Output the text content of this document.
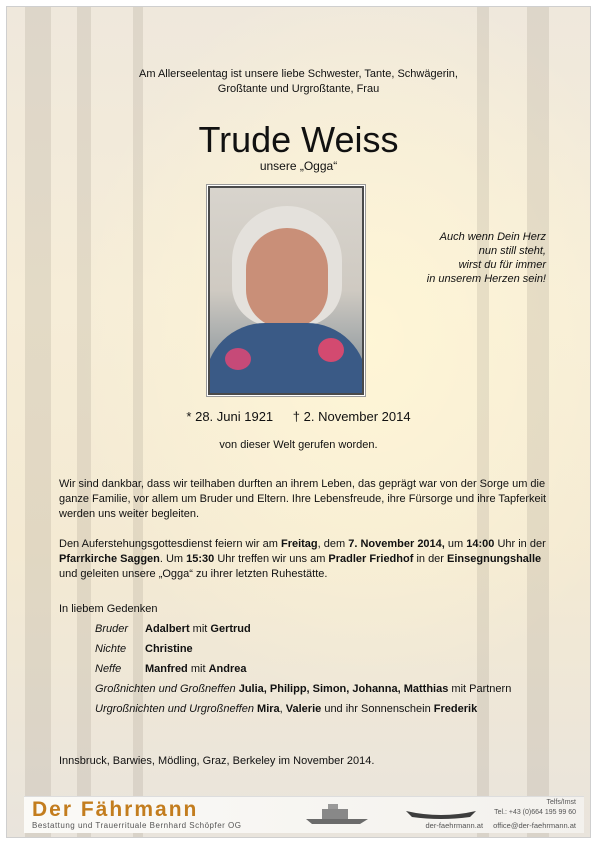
Am Allerseelentag ist unsere liebe Schwester, Tante, Schwägerin,
Großtante und Urgroßtante, Frau
Trude Weiss
unsere „Ogga“
Auch wenn Dein Herz
nun still steht,
wirst du für immer
in unserem Herzen sein!
* 28. Juni 1921 † 2. November 2014
von dieser Welt gerufen worden.
Wir sind dankbar, dass wir teilhaben durften an ihrem Leben, das geprägt war von der Sorge um die ganze Familie, vor allem um Bruder und Eltern. Ihre Lebensfreude, ihre Fürsorge und ihre Tapferkeit werden uns weiter begleiten.
Den Auferstehungsgottesdienst feiern wir am Freitag, dem 7. November 2014, um 14:00 Uhr in der Pfarrkirche Saggen. Um 15:30 Uhr treffen wir uns am Pradler Friedhof in der Einsegnungshalle und geleiten unsere „Ogga“ zu ihrer letzten Ruhestätte.
In liebem Gedenken
Bruder Adalbert mit Gertrud
Nichte Christine
Neffe Manfred mit Andrea
Großnichten und Großneffen Julia, Philipp, Simon, Johanna, Matthias mit Partnern
Urgroßnichten und Urgroßneffen Mira, Valerie und ihr Sonnenschein Frederik
Innsbruck, Barwies, Mödling, Graz, Berkeley im November 2014.
Der Fährmann
Bestattung und Trauerrituale Bernhard Schöpfer OG
Telfs/Imst
Tel.: +43 (0)664 195 99 60
der-faehrmann.at office@der-faehrmann.at
